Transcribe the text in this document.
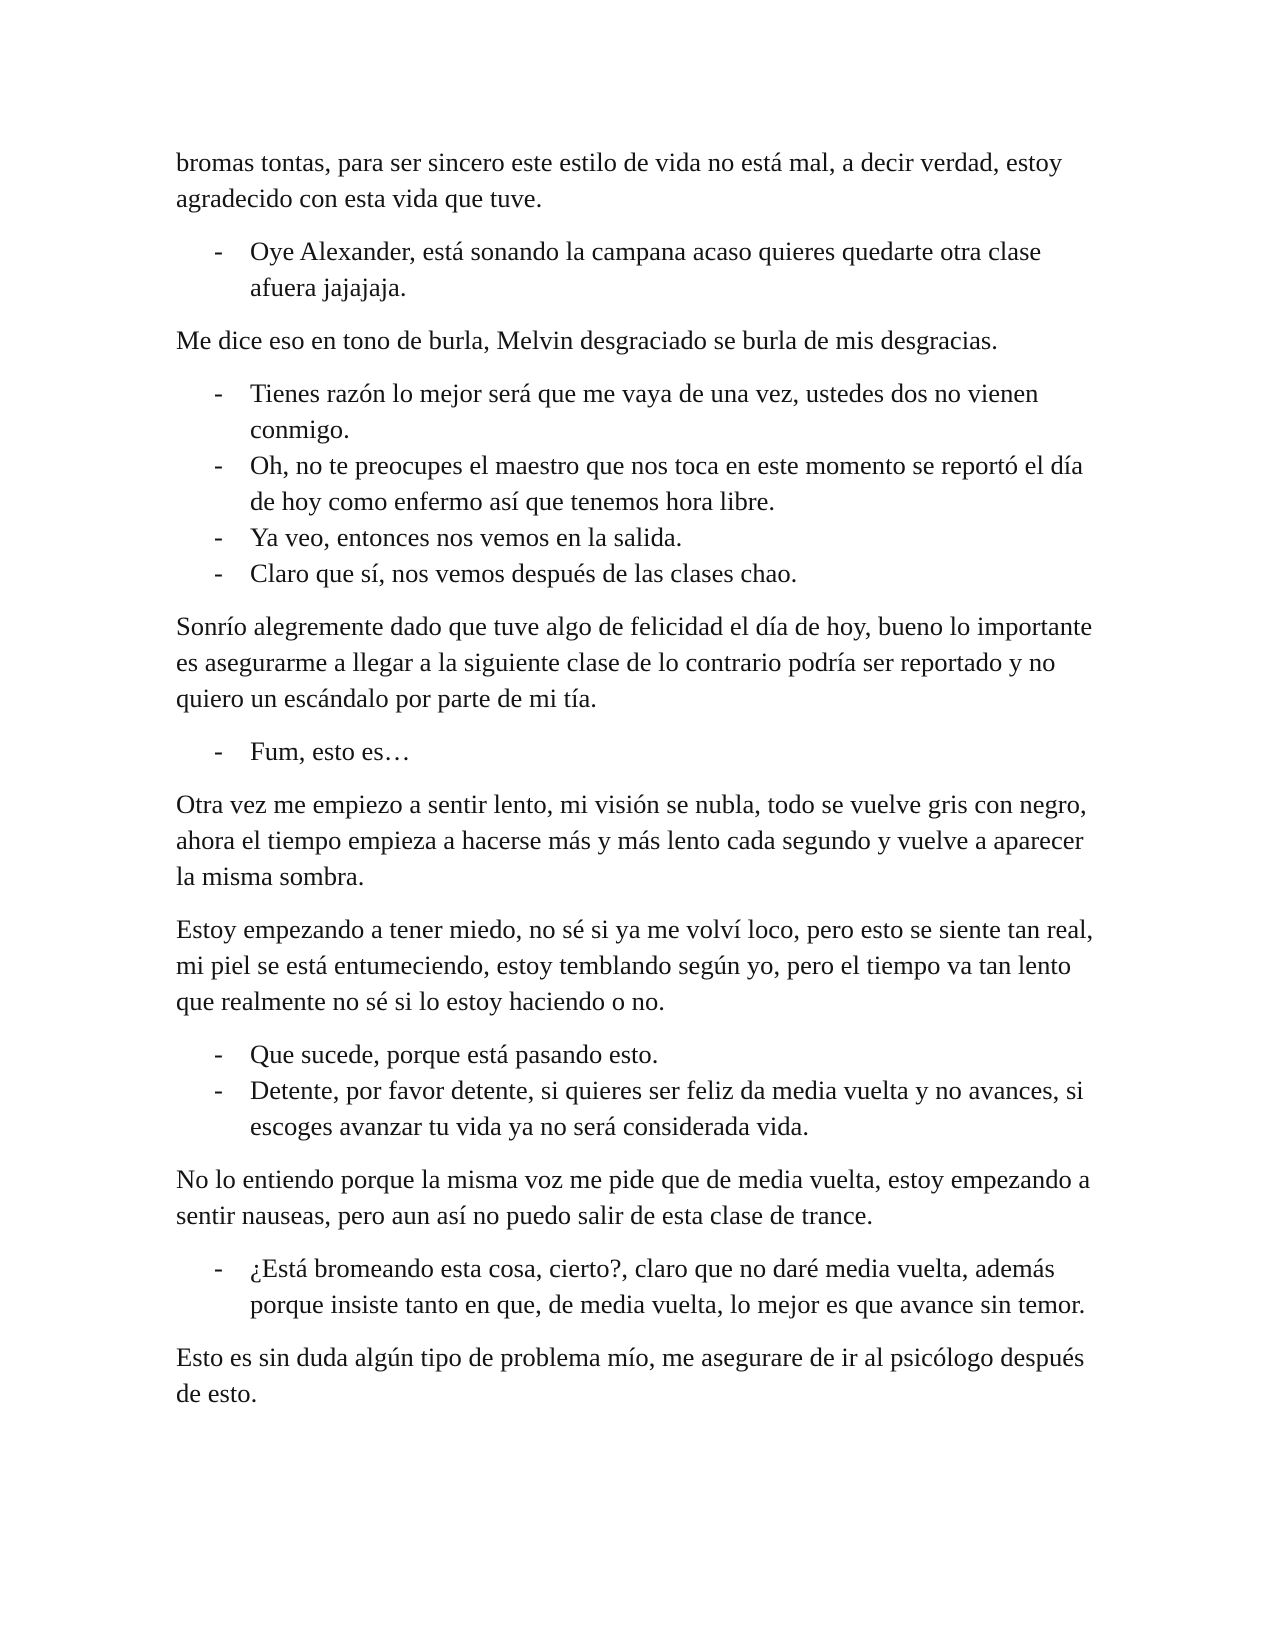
bromas tontas, para ser sincero este estilo de vida no está mal, a decir verdad, estoy agradecido con esta vida que tuve.

- Oye Alexander, está sonando la campana acaso quieres quedarte otra clase afuera jajajaja.

Me dice eso en tono de burla, Melvin desgraciado se burla de mis desgracias.

- Tienes razón lo mejor será que me vaya de una vez, ustedes dos no vienen conmigo.
- Oh, no te preocupes el maestro que nos toca en este momento se reportó el día de hoy como enfermo así que tenemos hora libre.
- Ya veo, entonces nos vemos en la salida.
- Claro que sí, nos vemos después de las clases chao.

Sonrío alegremente dado que tuve algo de felicidad el día de hoy, bueno lo importante es asegurarme a llegar a la siguiente clase de lo contrario podría ser reportado y no quiero un escándalo por parte de mi tía.

- Fum, esto es…

Otra vez me empiezo a sentir lento, mi visión se nubla, todo se vuelve gris con negro, ahora el tiempo empieza a hacerse más y más lento cada segundo y vuelve a aparecer la misma sombra.

Estoy empezando a tener miedo, no sé si ya me volví loco, pero esto se siente tan real, mi piel se está entumeciendo, estoy temblando según yo, pero el tiempo va tan lento que realmente no sé si lo estoy haciendo o no.

- Que sucede, porque está pasando esto.
- Detente, por favor detente, si quieres ser feliz da media vuelta y no avances, si escoges avanzar tu vida ya no será considerada vida.

No lo entiendo porque la misma voz me pide que de media vuelta, estoy empezando a sentir nauseas, pero aun así no puedo salir de esta clase de trance.

- ¿Está bromeando esta cosa, cierto?, claro que no daré media vuelta, además porque insiste tanto en que, de media vuelta, lo mejor es que avance sin temor.

Esto es sin duda algún tipo de problema mío, me asegurare de ir al psicólogo después de esto.
